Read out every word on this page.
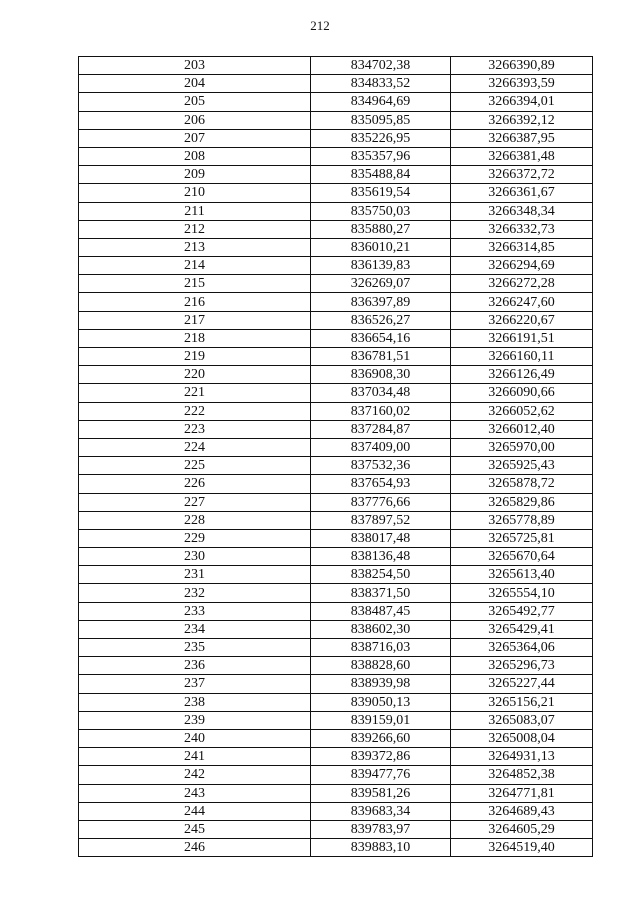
212
203	834702,38	3266390,89
204	834833,52	3266393,59
205	834964,69	3266394,01
206	835095,85	3266392,12
207	835226,95	3266387,95
208	835357,96	3266381,48
209	835488,84	3266372,72
210	835619,54	3266361,67
211	835750,03	3266348,34
212	835880,27	3266332,73
213	836010,21	3266314,85
214	836139,83	3266294,69
215	326269,07	3266272,28
216	836397,89	3266247,60
217	836526,27	3266220,67
218	836654,16	3266191,51
219	836781,51	3266160,11
220	836908,30	3266126,49
221	837034,48	3266090,66
222	837160,02	3266052,62
223	837284,87	3266012,40
224	837409,00	3265970,00
225	837532,36	3265925,43
226	837654,93	3265878,72
227	837776,66	3265829,86
228	837897,52	3265778,89
229	838017,48	3265725,81
230	838136,48	3265670,64
231	838254,50	3265613,40
232	838371,50	3265554,10
233	838487,45	3265492,77
234	838602,30	3265429,41
235	838716,03	3265364,06
236	838828,60	3265296,73
237	838939,98	3265227,44
238	839050,13	3265156,21
239	839159,01	3265083,07
240	839266,60	3265008,04
241	839372,86	3264931,13
242	839477,76	3264852,38
243	839581,26	3264771,81
244	839683,34	3264689,43
245	839783,97	3264605,29
246	839883,10	3264519,40
